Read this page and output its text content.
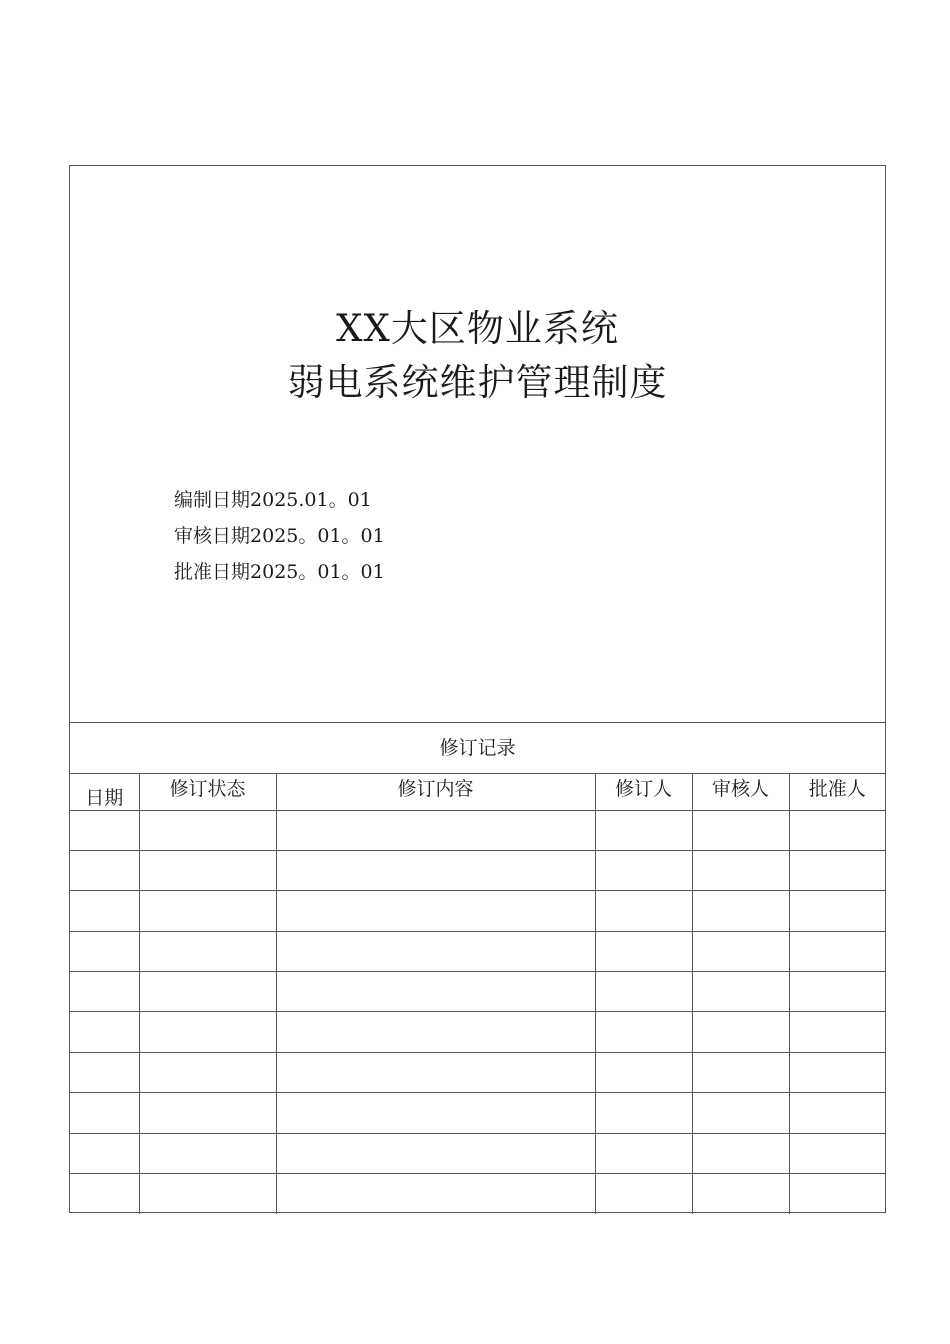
XX大区物业系统
弱电系统维护管理制度
编制日期2025.01。01
审核日期2025。01。01
批准日期2025。01。01
修订记录
日期	修订状态	修订内容	修订人	审核人	批准人
